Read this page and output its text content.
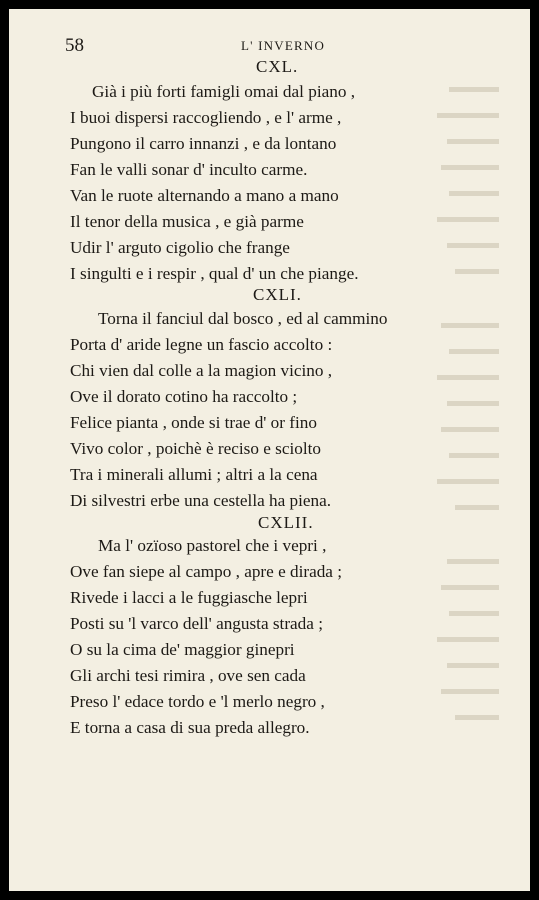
58	L' INVERNO
CXL.
Già i più forti famigli omai dal piano ,
I buoi dispersi raccogliendo , e l' arme ,
Pungono il carro innanzi , e da lontano
Fan le valli sonar d' inculto carme.
Van le ruote alternando a mano a mano
Il tenor della musica , e già parme
Udir l' arguto cigolio che frange
I singulti e i respir , qual d' un che piange.
CXLI.
Torna il fanciul dal bosco , ed al cammino
Porta d' aride legne un fascio accolto :
Chi vien dal colle a la magion vicino ,
Ove il dorato cotino ha raccolto ;
Felice pianta , onde si trae d' or fino
Vivo color , poichè è reciso e sciolto
Tra i minerali allumi ; altri a la cena
Di silvestri erbe una cestella ha piena.
CXLII.
Ma l' ozïoso pastorel che i vepri ,
Ove fan siepe al campo , apre e dirada ;
Rivede i lacci a le fuggiasche lepri
Posti su 'l varco dell' angusta strada ;
O su la cima de' maggior ginepri
Gli archi tesi rimira , ove sen cada
Preso l' edace tordo e 'l merlo negro ,
E torna a casa di sua preda allegro.
